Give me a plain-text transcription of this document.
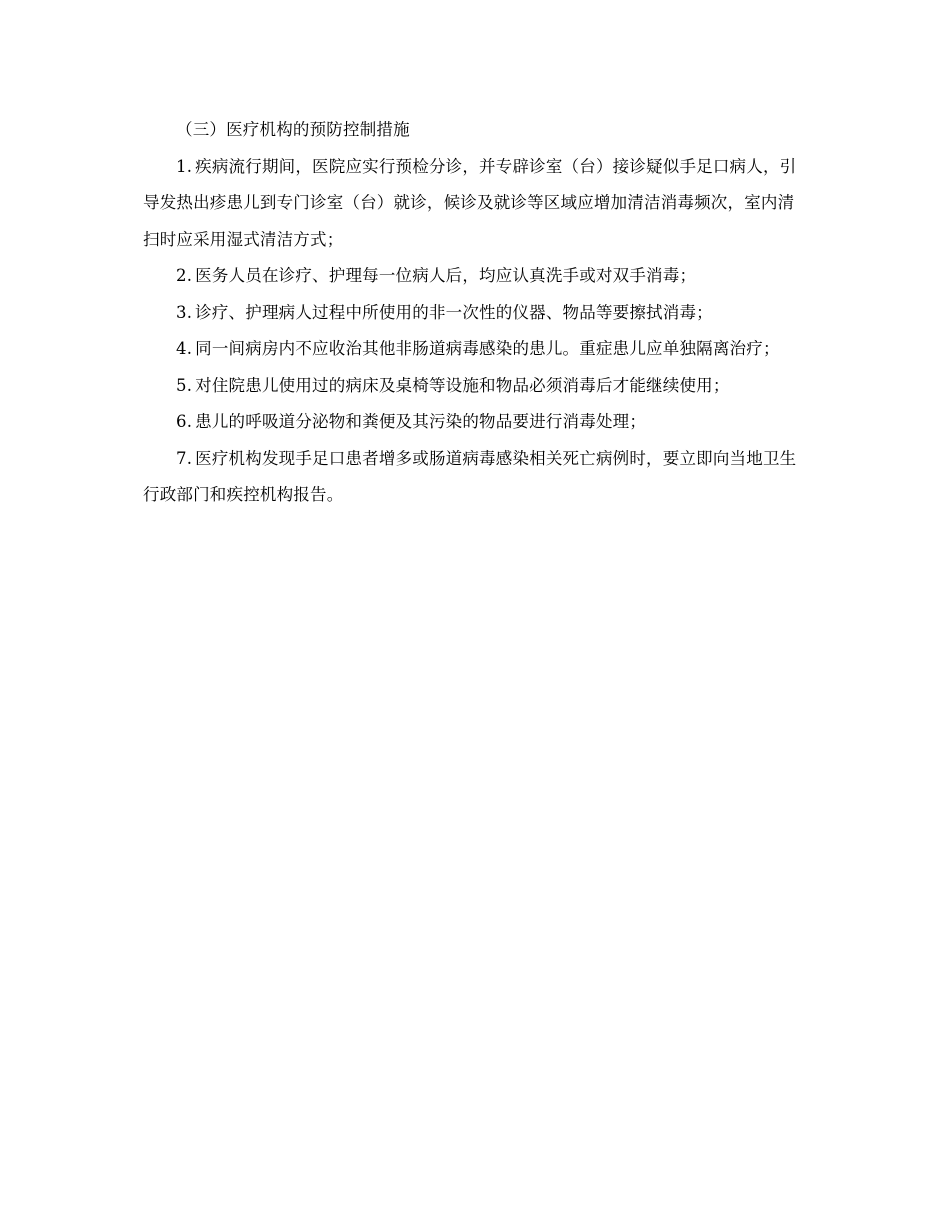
（三）医疗机构的预防控制措施

1. 疾病流行期间，医院应实行预检分诊，并专辟诊室（台）接诊疑似手足口病人，引导发热出疹患儿到专门诊室（台）就诊，候诊及就诊等区域应增加清洁消毒频次，室内清扫时应采用湿式清洁方式；

2. 医务人员在诊疗、护理每一位病人后，均应认真洗手或对双手消毒；

3. 诊疗、护理病人过程中所使用的非一次性的仪器、物品等要擦拭消毒；

4. 同一间病房内不应收治其他非肠道病毒感染的患儿。重症患儿应单独隔离治疗；

5. 对住院患儿使用过的病床及桌椅等设施和物品必须消毒后才能继续使用；

6. 患儿的呼吸道分泌物和粪便及其污染的物品要进行消毒处理；

7. 医疗机构发现手足口患者增多或肠道病毒感染相关死亡病例时，要立即向当地卫生行政部门和疾控机构报告。
